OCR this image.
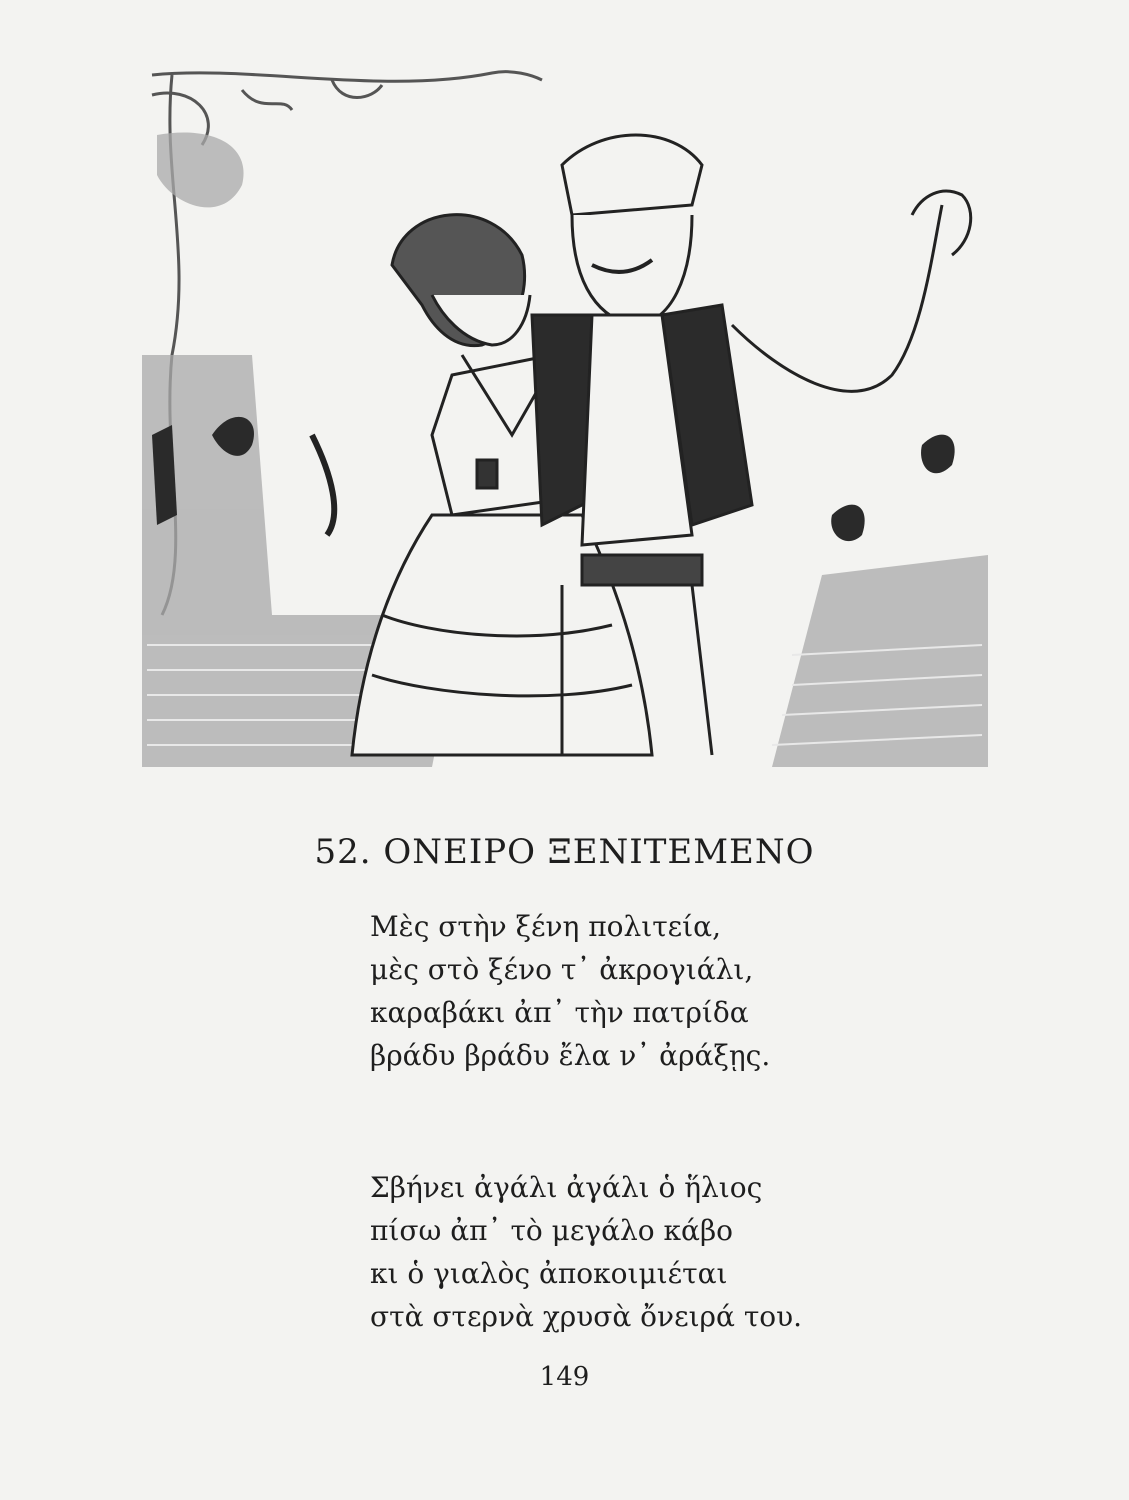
52. ΟΝΕΙΡΟ ΞΕΝΙΤΕΜΕΝΟ

Μὲς στὴν ξένη πολιτεία,
μὲς στὸ ξένο τ᾿ ἀκρογιάλι,
καραβάκι ἀπ᾿ τὴν πατρίδα
βράδυ βράδυ ἔλα ν᾿ ἀράξῃς.

Σβήνει ἀγάλι ἀγάλι ὁ ἥλιος
πίσω ἀπ᾿ τὸ μεγάλο κάβο
κι ὁ γιαλὸς ἀποκοιμιέται
στὰ στερνὰ χρυσὰ ὄνειρά του.

149
